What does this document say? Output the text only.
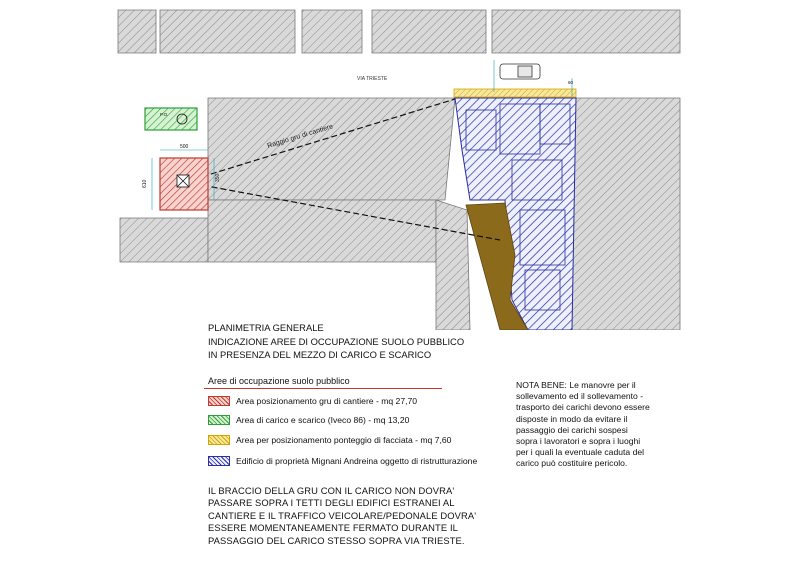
VIA TRIESTE
Raggio gru di cantiere
500
610
350
P.O.
60
PLANIMETRIA GENERALE
INDICAZIONE AREE DI OCCUPAZIONE SUOLO PUBBLICO
IN PRESENZA DEL MEZZO DI CARICO E SCARICO
Aree di occupazione suolo pubblico
Area posizionamento gru di cantiere - mq 27,70
Area di carico e scarico (Iveco 86) - mq 13,20
Area per posizionamento ponteggio di facciata - mq 7,60
Edificio di proprietà Mignani Andreina oggetto di ristrutturazione
NOTA BENE: Le manovre per il
sollevamento ed il sollevamento -
trasporto dei carichi devono essere
disposte in modo da evitare il
passaggio dei carichi sospesi
sopra i lavoratori e sopra i luoghi
per i quali la eventuale caduta del
carico può costituire pericolo.
IL BRACCIO DELLA GRU CON IL CARICO NON DOVRA'
PASSARE SOPRA I TETTI DEGLI EDIFICI ESTRANEI AL
CANTIERE E IL TRAFFICO VEICOLARE/PEDONALE DOVRA'
ESSERE MOMENTANEAMENTE FERMATO DURANTE IL
PASSAGGIO DEL CARICO STESSO SOPRA VIA TRIESTE.
